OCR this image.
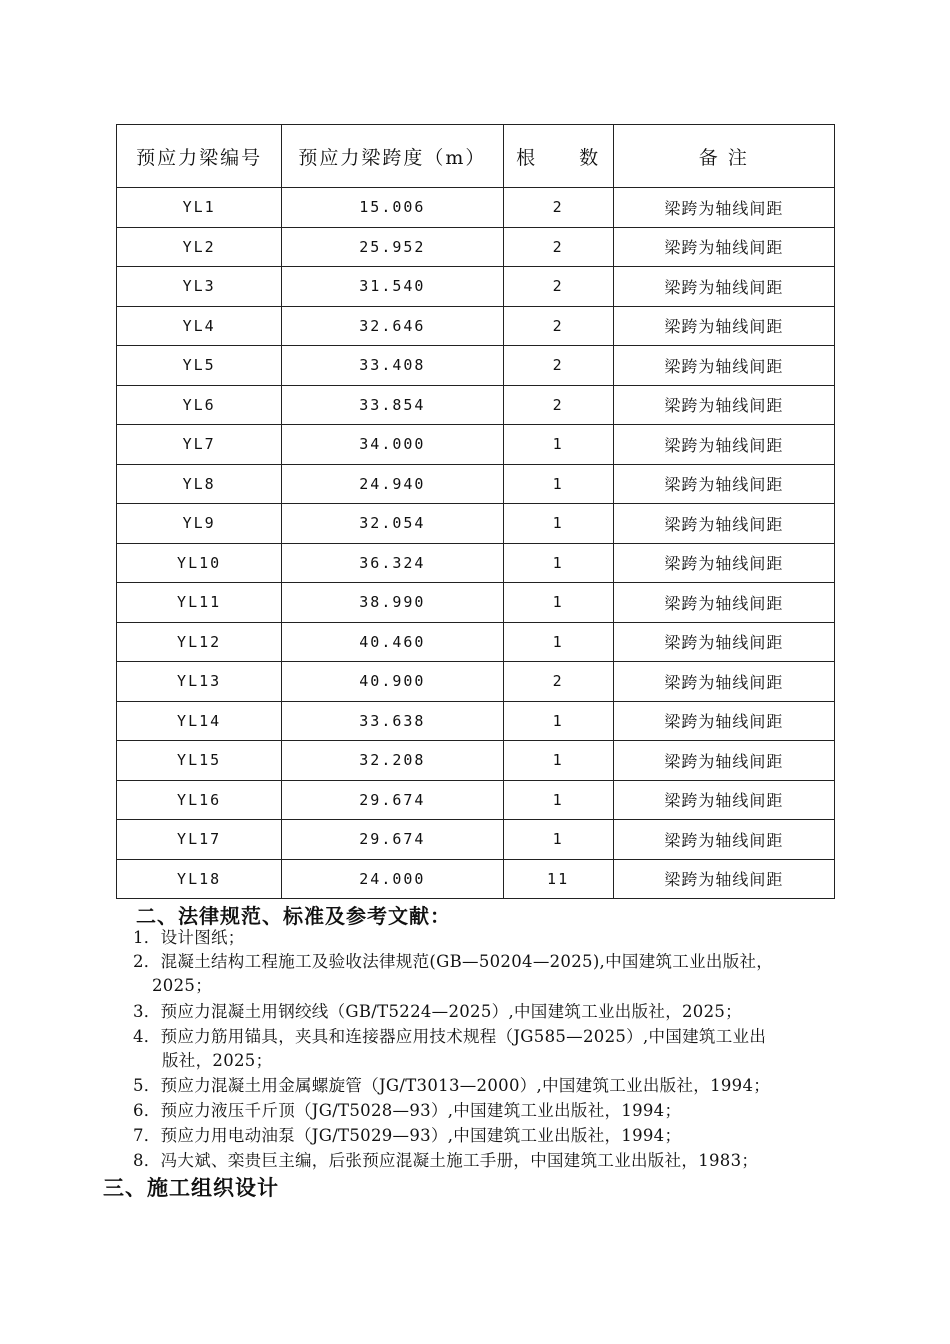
预应力梁编号	预应力梁跨度（m）	根　　数	备 注
YL1	15.006	2	梁跨为轴线间距
YL2	25.952	2	梁跨为轴线间距
YL3	31.540	2	梁跨为轴线间距
YL4	32.646	2	梁跨为轴线间距
YL5	33.408	2	梁跨为轴线间距
YL6	33.854	2	梁跨为轴线间距
YL7	34.000	1	梁跨为轴线间距
YL8	24.940	1	梁跨为轴线间距
YL9	32.054	1	梁跨为轴线间距
YL10	36.324	1	梁跨为轴线间距
YL11	38.990	1	梁跨为轴线间距
YL12	40.460	1	梁跨为轴线间距
YL13	40.900	2	梁跨为轴线间距
YL14	33.638	1	梁跨为轴线间距
YL15	32.208	1	梁跨为轴线间距
YL16	29.674	1	梁跨为轴线间距
YL17	29.674	1	梁跨为轴线间距
YL18	24.000	11	梁跨为轴线间距
二、法律规范、标准及参考文献：
1．设计图纸；
2．混凝土结构工程施工及验收法律规范(GB—50204—2025),中国建筑工业出版社，
2025；
3．预应力混凝土用钢绞线（GB/T5224—2025）,中国建筑工业出版社，2025；
4．预应力筋用锚具，夹具和连接器应用技术规程（JG585—2025）,中国建筑工业出
版社，2025；
5．预应力混凝土用金属螺旋管（JG/T3013—2000）,中国建筑工业出版社，1994；
6．预应力液压千斤顶（JG/T5028—93）,中国建筑工业出版社，1994；
7．预应力用电动油泵（JG/T5029—93）,中国建筑工业出版社，1994；
8．冯大斌、栾贵巨主编，后张预应混凝土施工手册，中国建筑工业出版社，1983；
三、施工组织设计
